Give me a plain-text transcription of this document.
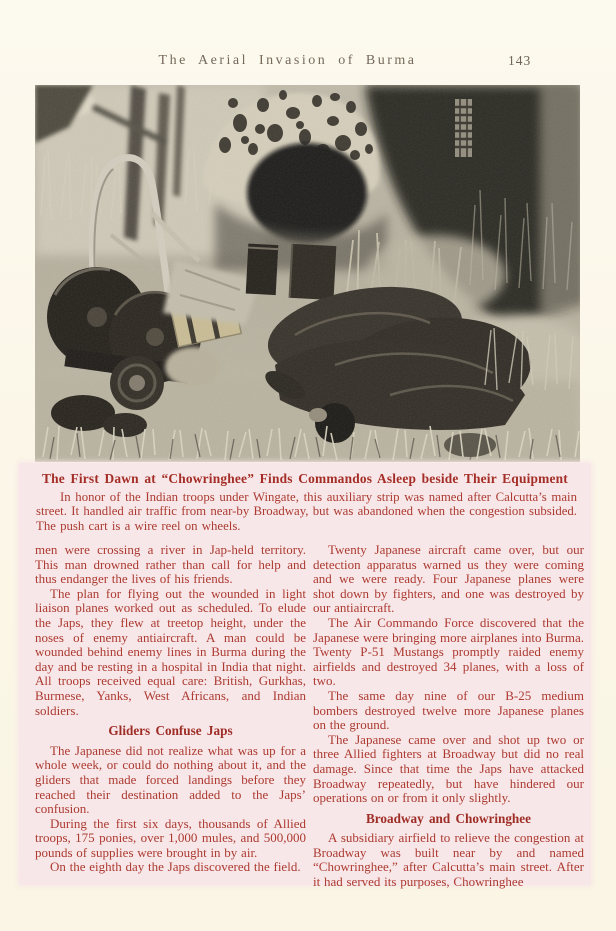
The Aerial Invasion of Burma	143
The First Dawn at “Chowringhee” Finds Commandos Asleep beside Their Equipment

In honor of the Indian troops under Wingate, this auxiliary strip was named after Calcutta’s main street. It handled air traffic from near-by Broadway, but was abandoned when the congestion subsided. The push cart is a wire reel on wheels.

men were crossing a river in Jap-held territory. This man drowned rather than call for help and thus endanger the lives of his friends.

The plan for flying out the wounded in light liaison planes worked out as scheduled. To elude the Japs, they flew at treetop height, under the noses of enemy antiaircraft. A man could be wounded behind enemy lines in Burma during the day and be resting in a hospital in India that night. All troops received equal care: British, Gurkhas, Burmese, Yanks, West Africans, and Indian soldiers.

Gliders Confuse Japs

The Japanese did not realize what was up for a whole week, or could do nothing about it, and the gliders that made forced landings before they reached their destination added to the Japs’ confusion.

During the first six days, thousands of Allied troops, 175 ponies, over 1,000 mules, and 500,000 pounds of supplies were brought in by air.

On the eighth day the Japs discovered the field.

Twenty Japanese aircraft came over, but our detection apparatus warned us they were coming and we were ready. Four Japanese planes were shot down by fighters, and one was destroyed by our antiaircraft.

The Air Commando Force discovered that the Japanese were bringing more airplanes into Burma. Twenty P-51 Mustangs promptly raided enemy airfields and destroyed 34 planes, with a loss of two.

The same day nine of our B-25 medium bombers destroyed twelve more Japanese planes on the ground.

The Japanese came over and shot up two or three Allied fighters at Broadway but did no real damage. Since that time the Japs have attacked Broadway repeatedly, but have hindered our operations on or from it only slightly.

Broadway and Chowringhee

A subsidiary airfield to relieve the congestion at Broadway was built near by and named “Chowringhee,” after Calcutta’s main street. After it had served its purposes, Chowringhee
